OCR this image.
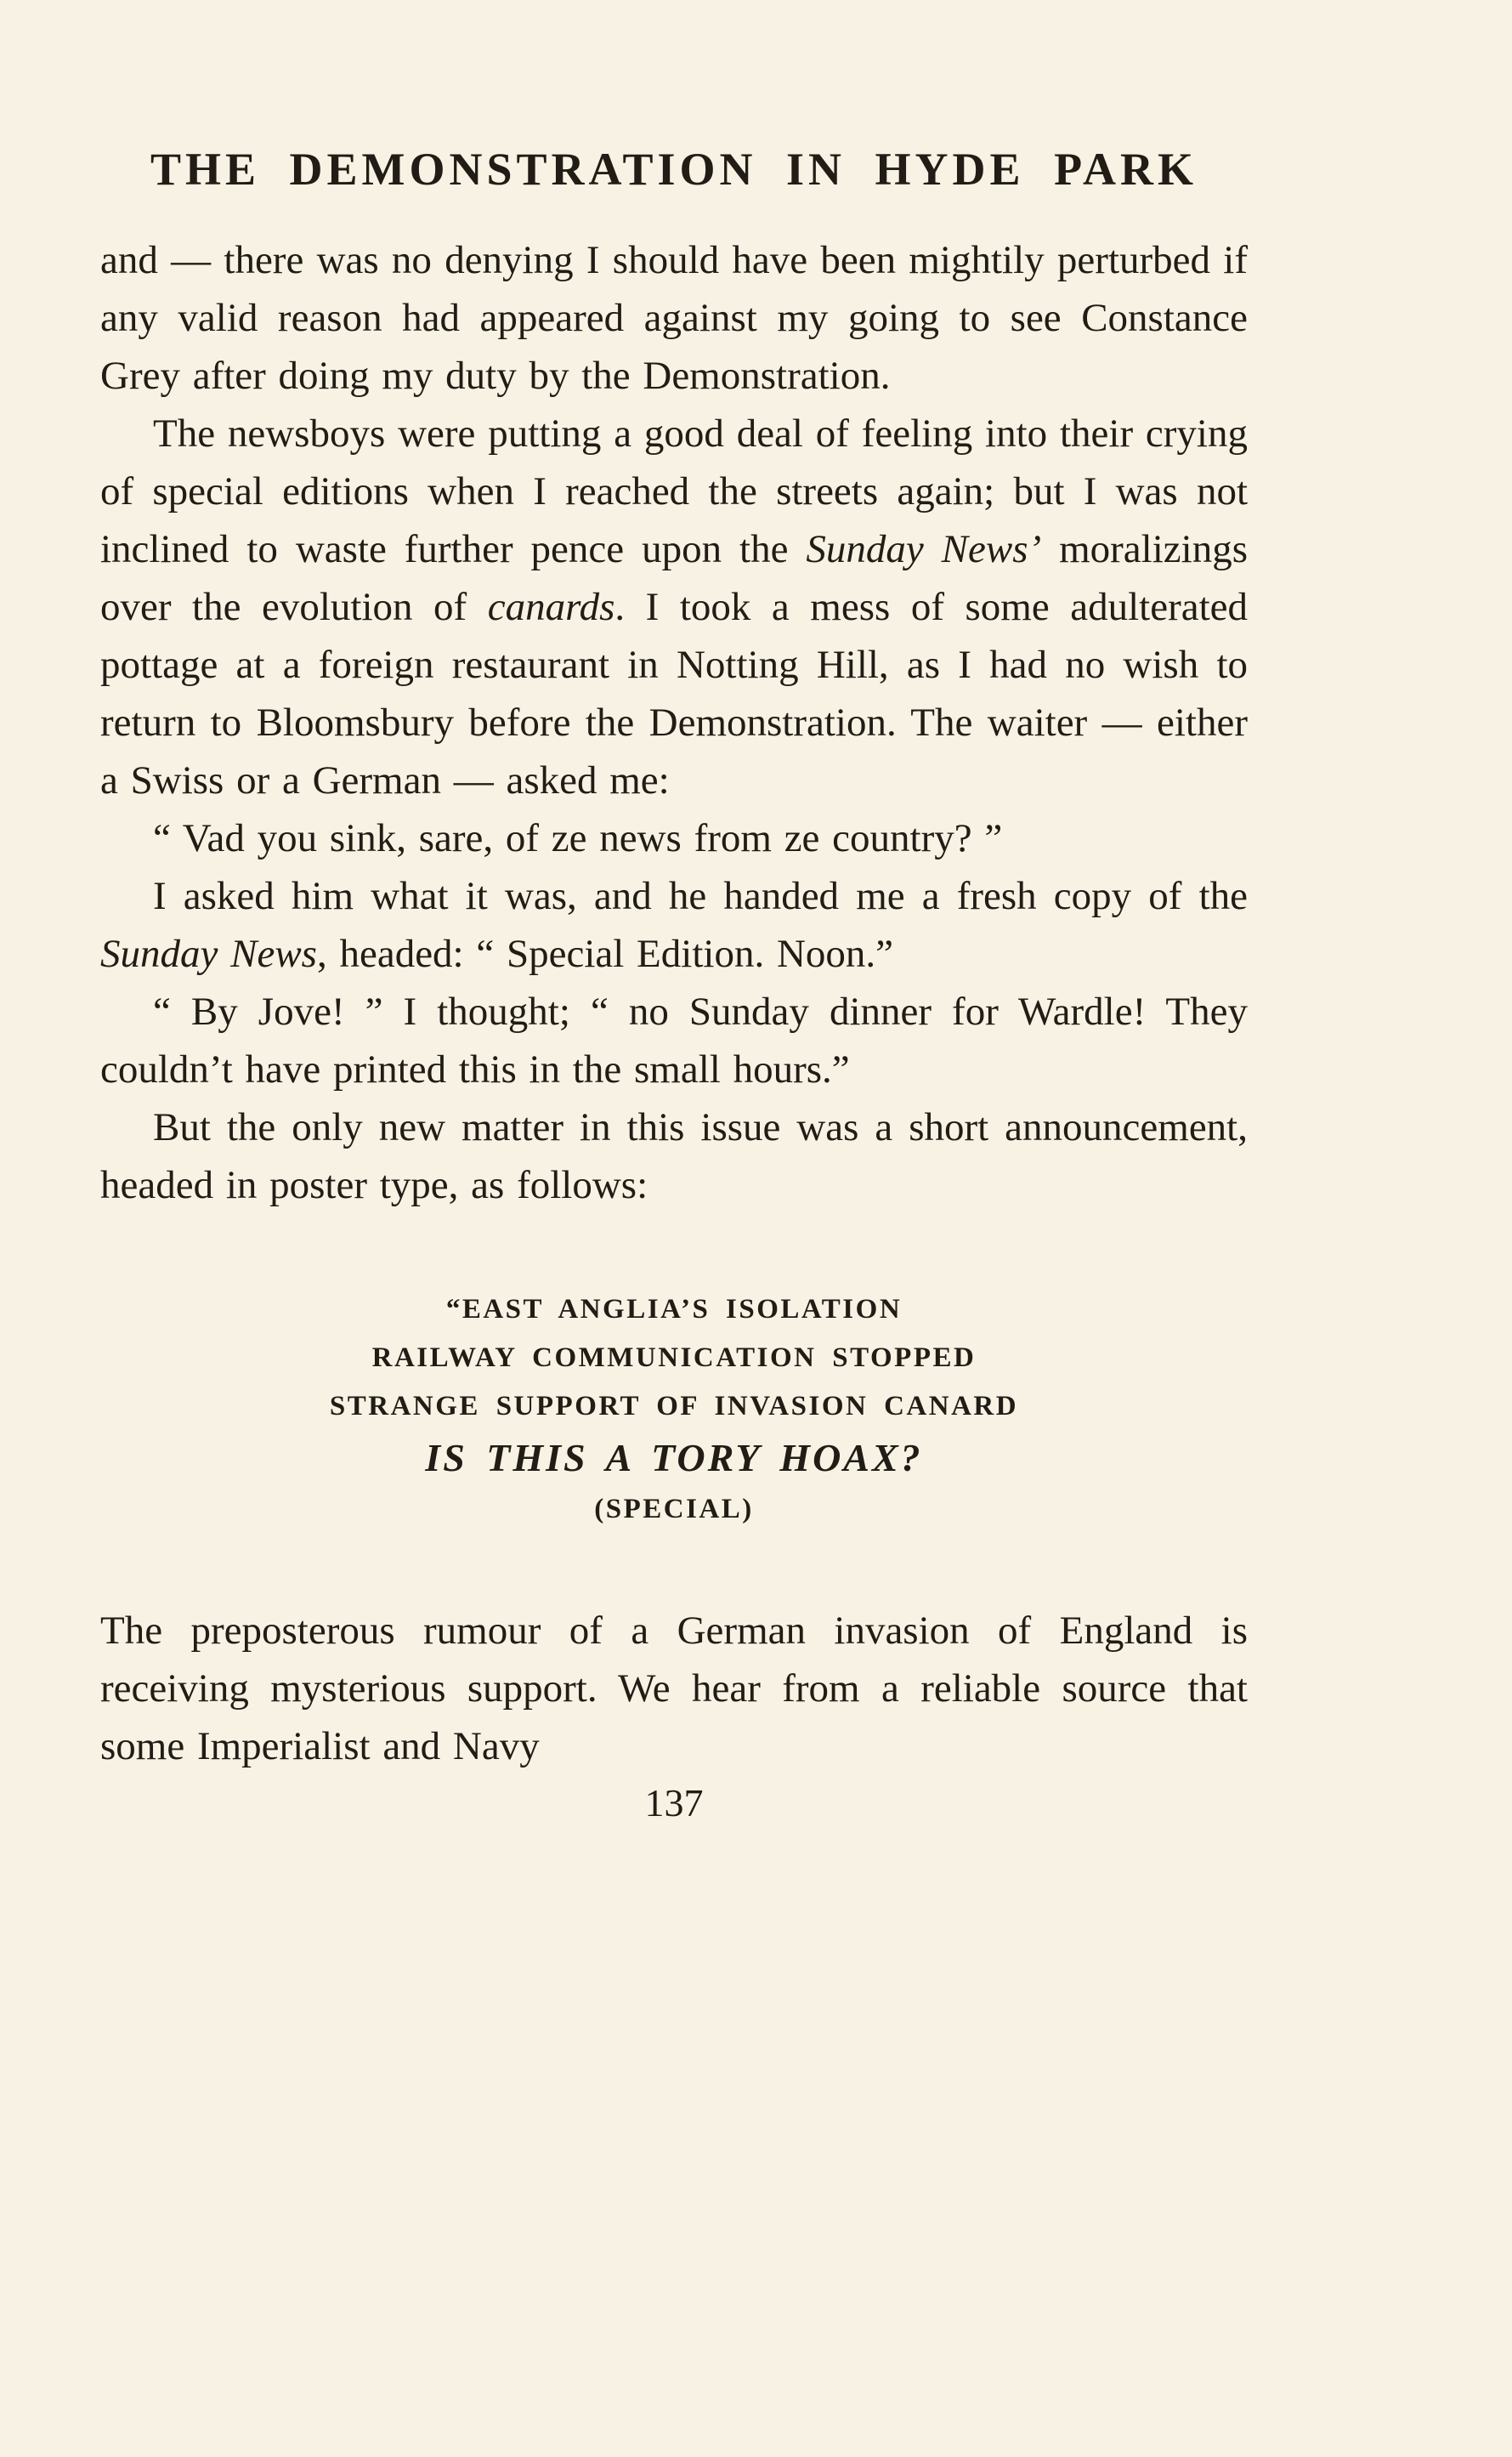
THE DEMONSTRATION IN HYDE PARK

and — there was no denying I should have been mightily perturbed if any valid reason had appeared against my going to see Constance Grey after doing my duty by the Demonstration.

The newsboys were putting a good deal of feeling into their crying of special editions when I reached the streets again; but I was not inclined to waste further pence upon the Sunday News’ moralizings over the evolution of canards. I took a mess of some adulterated pottage at a foreign restaurant in Notting Hill, as I had no wish to return to Bloomsbury before the Demonstration. The waiter — either a Swiss or a German — asked me:

“ Vad you sink, sare, of ze news from ze country? ”

I asked him what it was, and he handed me a fresh copy of the Sunday News, headed: “ Special Edition. Noon.”

“ By Jove! ” I thought; “ no Sunday dinner for Wardle! They couldn’t have printed this in the small hours.”

But the only new matter in this issue was a short announcement, headed in poster type, as follows:

“EAST ANGLIA’S ISOLATION
RAILWAY COMMUNICATION STOPPED
STRANGE SUPPORT OF INVASION CANARD
IS THIS A TORY HOAX?
(SPECIAL)

The preposterous rumour of a German invasion of England is receiving mysterious support. We hear from a reliable source that some Imperialist and Navy

137
